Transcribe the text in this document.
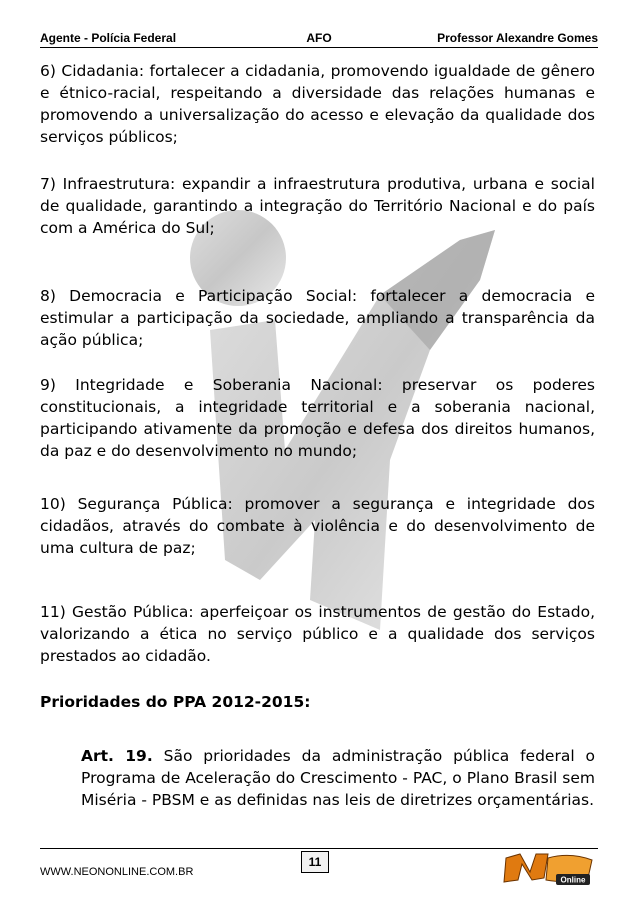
Agente - Polícia Federal	AFO	Professor Alexandre Gomes

6) Cidadania: fortalecer a cidadania, promovendo igualdade de gênero e étnico-racial, respeitando a diversidade das relações humanas e promovendo a universalização do acesso e elevação da qualidade dos serviços públicos;

7) Infraestrutura: expandir a infraestrutura produtiva, urbana e social de qualidade, garantindo a integração do Território Nacional e do país com a América do Sul;

8) Democracia e Participação Social: fortalecer a democracia e estimular a participação da sociedade, ampliando a transparência da ação pública;

9) Integridade e Soberania Nacional: preservar os poderes constitucionais, a integridade territorial e a soberania nacional, participando ativamente da promoção e defesa dos direitos humanos, da paz e do desenvolvimento no mundo;

10) Segurança Pública: promover a segurança e integridade dos cidadãos, através do combate à violência e do desenvolvimento de uma cultura de paz;

11) Gestão Pública: aperfeiçoar os instrumentos de gestão do Estado, valorizando a ética no serviço público e a qualidade dos serviços prestados ao cidadão.

Prioridades do PPA 2012-2015:

Art. 19. São prioridades da administração pública federal o Programa de Aceleração do Crescimento - PAC, o Plano Brasil sem Miséria - PBSM e as definidas nas leis de diretrizes orçamentárias.

WWW.NEONONLINE.COM.BR
11
Online
